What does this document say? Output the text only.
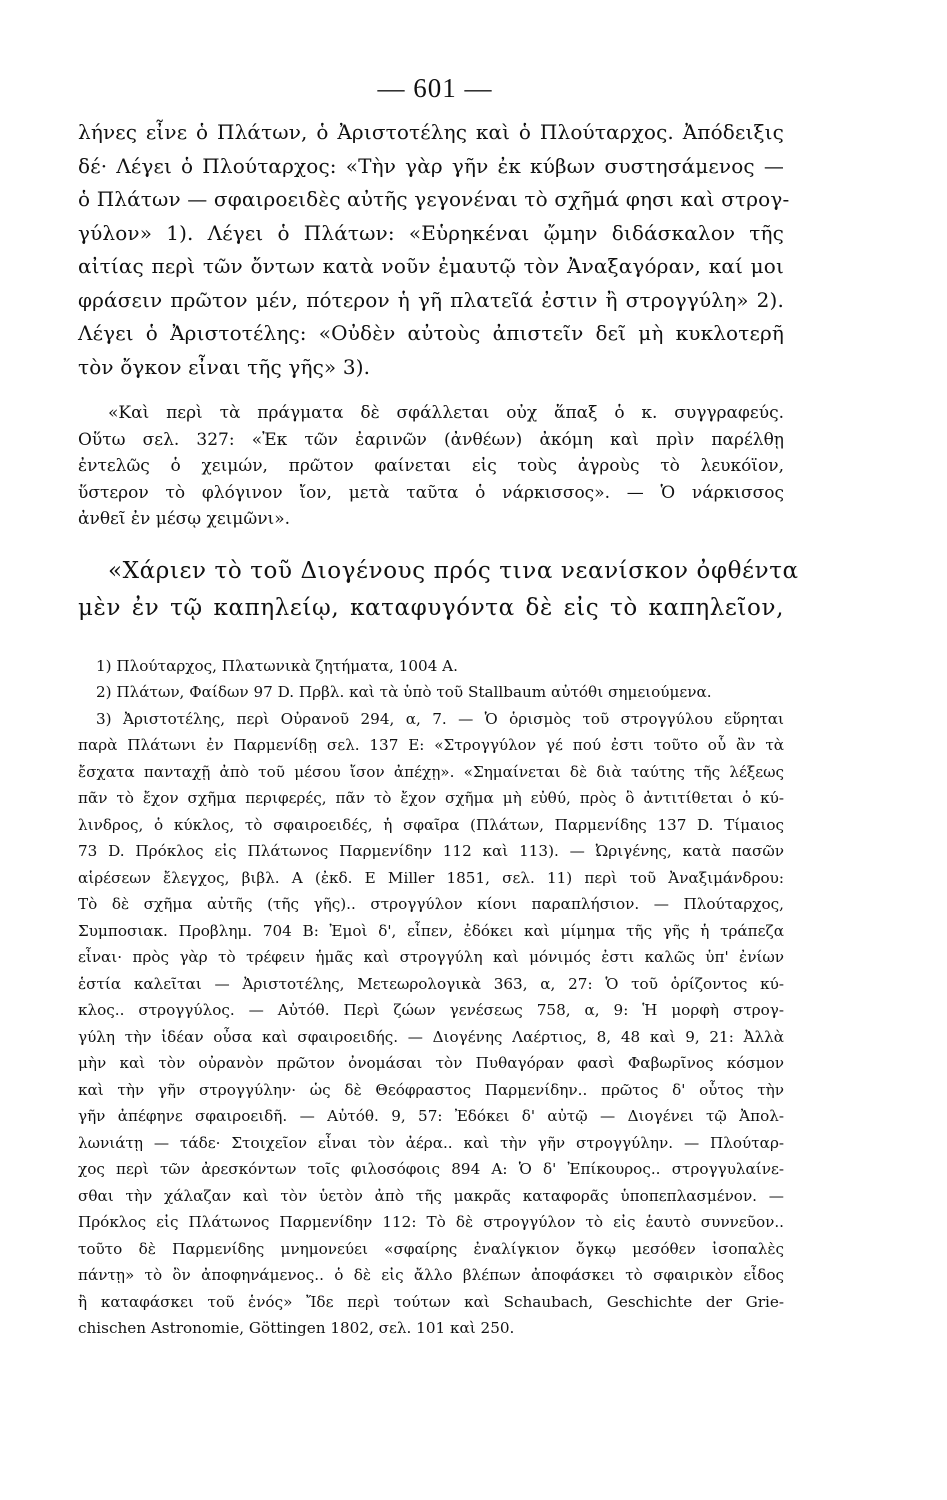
— 601 —
λήνες εἶνε ὁ Πλάτων, ὁ Ἀριστοτέλης καὶ ὁ Πλούταρχος. Ἀπόδειξις
δέ· Λέγει ὁ Πλούταρχος: «Τὴν γὰρ γῆν ἐκ κύβων συστησάμενος —
ὁ Πλάτων — σφαιροειδὲς αὐτῆς γεγονέναι τὸ σχῆμά φησι καὶ στρογ-
γύλον» 1). Λέγει ὁ Πλάτων: «Εὑρηκέναι ᾤμην διδάσκαλον τῆς
αἰτίας περὶ τῶν ὄντων κατὰ νοῦν ἐμαυτῷ τὸν Ἀναξαγόραν, καί μοι
φράσειν πρῶτον μέν, πότερον ἡ γῆ πλατεῖά ἐστιν ἢ στρογγύλη» 2).
Λέγει ὁ Ἀριστοτέλης: «Οὐδὲν αὐτοὺς ἀπιστεῖν δεῖ μὴ κυκλοτερῆ
τὸν ὄγκον εἶναι τῆς γῆς» 3).
«Καὶ περὶ τὰ πράγματα δὲ σφάλλεται οὐχ ἅπαξ ὁ κ. συγγραφεύς.
Οὕτω σελ. 327: «Ἐκ τῶν ἐαρινῶν (ἀνθέων) ἀκόμη καὶ πρὶν παρέλθῃ
ἐντελῶς ὁ χειμών, πρῶτον φαίνεται εἰς τοὺς ἀγροὺς τὸ λευκόϊον,
ὕστερον τὸ φλόγινον ἴον, μετὰ ταῦτα ὁ νάρκισσος». — Ὁ νάρκισσος
ἀνθεῖ ἐν μέσῳ χειμῶνι».
«Χάριεν τὸ τοῦ Διογένους πρός τινα νεανίσκον ὀφθέντα
μὲν ἐν τῷ καπηλείῳ, καταφυγόντα δὲ εἰς τὸ καπηλεῖον,
1) Πλούταρχος, Πλατωνικὰ ζητήματα, 1004 A.
2) Πλάτων, Φαίδων 97 D. Πρβλ. καὶ τὰ ὑπὸ τοῦ Stallbaum αὐτόθι σημειούμενα.
3) Ἀριστοτέλης, περὶ Οὐρανοῦ 294, α, 7. — Ὁ ὁρισμὸς τοῦ στρογγύλου εὕρηται
παρὰ Πλάτωνι ἐν Παρμενίδῃ σελ. 137 E: «Στρογγύλον γέ πού ἐστι τοῦτο οὗ ἂν τὰ
ἔσχατα πανταχῇ ἀπὸ τοῦ μέσου ἴσον ἀπέχῃ». «Σημαίνεται δὲ διὰ ταύτης τῆς λέξεως
πᾶν τὸ ἔχον σχῆμα περιφερές, πᾶν τὸ ἔχον σχῆμα μὴ εὐθύ, πρὸς ὃ ἀντιτίθεται ὁ κύ-
λινδρος, ὁ κύκλος, τὸ σφαιροειδές, ἡ σφαῖρα (Πλάτων, Παρμενίδης 137 D. Τίμαιος
73 D. Πρόκλος εἰς Πλάτωνος Παρμενίδην 112 καὶ 113). — Ὠριγένης, κατὰ πασῶν
αἱρέσεων ἔλεγχος, βιβλ. A (ἐκδ. E Miller 1851, σελ. 11) περὶ τοῦ Ἀναξιμάνδρου:
Τὸ δὲ σχῆμα αὐτῆς (τῆς γῆς).. στρογγύλον κίονι παραπλήσιον. — Πλούταρχος,
Συμποσιακ. Προβλημ. 704 B: Ἐμοὶ δ', εἶπεν, ἐδόκει καὶ μίμημα τῆς γῆς ἡ τράπεζα
εἶναι· πρὸς γὰρ τὸ τρέφειν ἡμᾶς καὶ στρογγύλη καὶ μόνιμός ἐστι καλῶς ὑπ' ἐνίων
ἑστία καλεῖται — Ἀριστοτέλης, Μετεωρολογικὰ 363, α, 27: Ὁ τοῦ ὁρίζοντος κύ-
κλος.. στρογγύλος. — Αὐτόθ. Περὶ ζώων γενέσεως 758, α, 9: Ἡ μορφὴ στρογ-
γύλη τὴν ἰδέαν οὖσα καὶ σφαιροειδής. — Διογένης Λαέρτιος, 8, 48 καὶ 9, 21: Ἀλλὰ
μὴν καὶ τὸν οὐρανὸν πρῶτον ὀνομάσαι τὸν Πυθαγόραν φασὶ Φαβωρῖνος κόσμον
καὶ τὴν γῆν στρογγύλην· ὡς δὲ Θεόφραστος Παρμενίδην.. πρῶτος δ' οὗτος τὴν
γῆν ἀπέφηνε σφαιροειδῆ. — Αὐτόθ. 9, 57: Ἐδόκει δ' αὐτῷ — Διογένει τῷ Ἀπολ-
λωνιάτῃ — τάδε· Στοιχεῖον εἶναι τὸν ἀέρα.. καὶ τὴν γῆν στρογγύλην. — Πλούταρ-
χος περὶ τῶν ἀρεσκόντων τοῖς φιλοσόφοις 894 A: Ὁ δ' Ἐπίκουρος.. στρογγυλαίνε-
σθαι τὴν χάλαζαν καὶ τὸν ὑετὸν ἀπὸ τῆς μακρᾶς καταφορᾶς ὑποπεπλασμένον. —
Πρόκλος εἰς Πλάτωνος Παρμενίδην 112: Τὸ δὲ στρογγύλον τὸ εἰς ἑαυτὸ συννεῦον..
τοῦτο δὲ Παρμενίδης μνημονεύει «σφαίρης ἐναλίγκιον ὄγκῳ μεσόθεν ἰσοπαλὲς
πάντῃ» τὸ ὂν ἀποφηνάμενος.. ὁ δὲ εἰς ἄλλο βλέπων ἀποφάσκει τὸ σφαιρικὸν εἶδος
ἢ καταφάσκει τοῦ ἑνός» Ἴδε περὶ τούτων καὶ Schaubach, Geschichte der Grie-
chischen Astronomie, Göttingen 1802, σελ. 101 καὶ 250.
